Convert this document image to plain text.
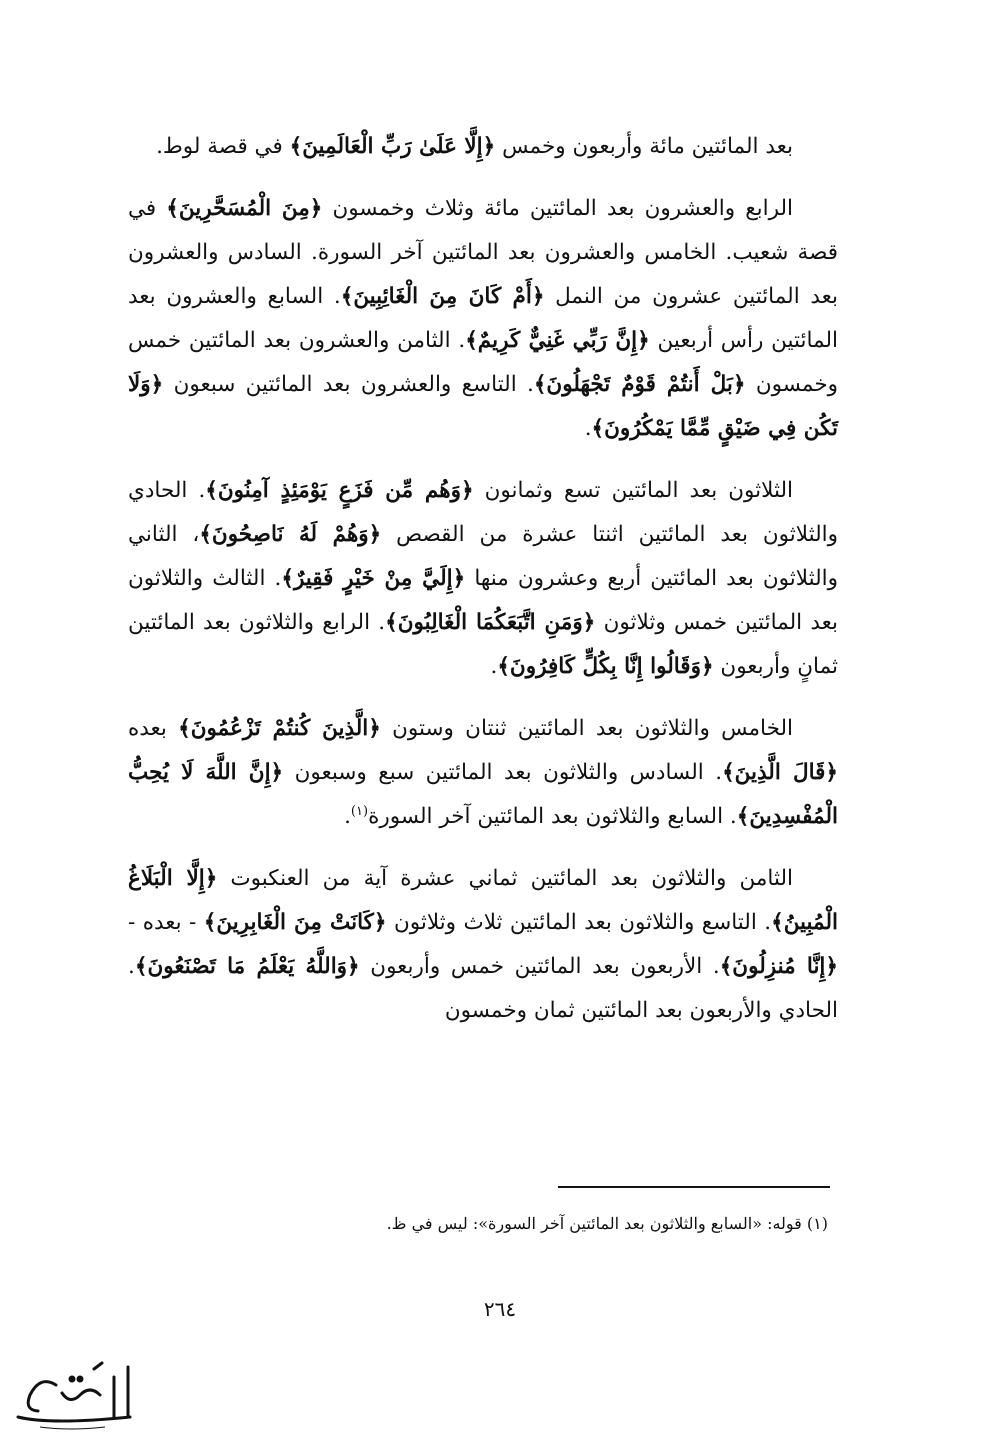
بعد المائتين مائة وأربعون وخمس ﴿إِلَّا عَلَىٰ رَبِّ الْعَالَمِينَ﴾ في قصة لوط.

الرابع والعشرون بعد المائتين مائة وثلاث وخمسون ﴿مِنَ الْمُسَحَّرِينَ﴾ في قصة شعيب. الخامس والعشرون بعد المائتين آخر السورة. السادس والعشرون بعد المائتين عشرون من النمل ﴿أَمْ كَانَ مِنَ الْغَائِبِينَ﴾. السابع والعشرون بعد المائتين رأس أربعين ﴿إِنَّ رَبِّي غَنِيٌّ كَرِيمٌ﴾. الثامن والعشرون بعد المائتين خمس وخمسون ﴿بَلْ أَنتُمْ قَوْمٌ تَجْهَلُونَ﴾. التاسع والعشرون بعد المائتين سبعون ﴿وَلَا تَكُن فِي ضَيْقٍ مِّمَّا يَمْكُرُونَ﴾.

الثلاثون بعد المائتين تسع وثمانون ﴿وَهُم مِّن فَزَعٍ يَوْمَئِذٍ آمِنُونَ﴾. الحادي والثلاثون بعد المائتين اثنتا عشرة من القصص ﴿وَهُمْ لَهُ نَاصِحُونَ﴾، الثاني والثلاثون بعد المائتين أربع وعشرون منها ﴿إِلَيَّ مِنْ خَيْرٍ فَقِيرٌ﴾. الثالث والثلاثون بعد المائتين خمس وثلاثون ﴿وَمَنِ اتَّبَعَكُمَا الْغَالِبُونَ﴾. الرابع والثلاثون بعد المائتين ثمانٍ وأربعون ﴿وَقَالُوا إِنَّا بِكُلٍّ كَافِرُونَ﴾.

الخامس والثلاثون بعد المائتين ثنتان وستون ﴿الَّذِينَ كُنتُمْ تَزْعُمُونَ﴾ بعده ﴿قَالَ الَّذِينَ﴾. السادس والثلاثون بعد المائتين سبع وسبعون ﴿إِنَّ اللَّهَ لَا يُحِبُّ الْمُفْسِدِينَ﴾. السابع والثلاثون بعد المائتين آخر السورة$^{(١)}$.

الثامن والثلاثون بعد المائتين ثماني عشرة آية من العنكبوت ﴿إِلَّا الْبَلَاغُ الْمُبِينُ﴾. التاسع والثلاثون بعد المائتين ثلاث وثلاثون ﴿كَانَتْ مِنَ الْغَابِرِينَ﴾ - بعده - ﴿إِنَّا مُنزِلُونَ﴾. الأربعون بعد المائتين خمس وأربعون ﴿وَاللَّهُ يَعْلَمُ مَا تَصْنَعُونَ﴾. الحادي والأربعون بعد المائتين ثمان وخمسون

(١) قوله: «السابع والثلاثون بعد المائتين آخر السورة»: ليس في ظ.
٢٦٤
